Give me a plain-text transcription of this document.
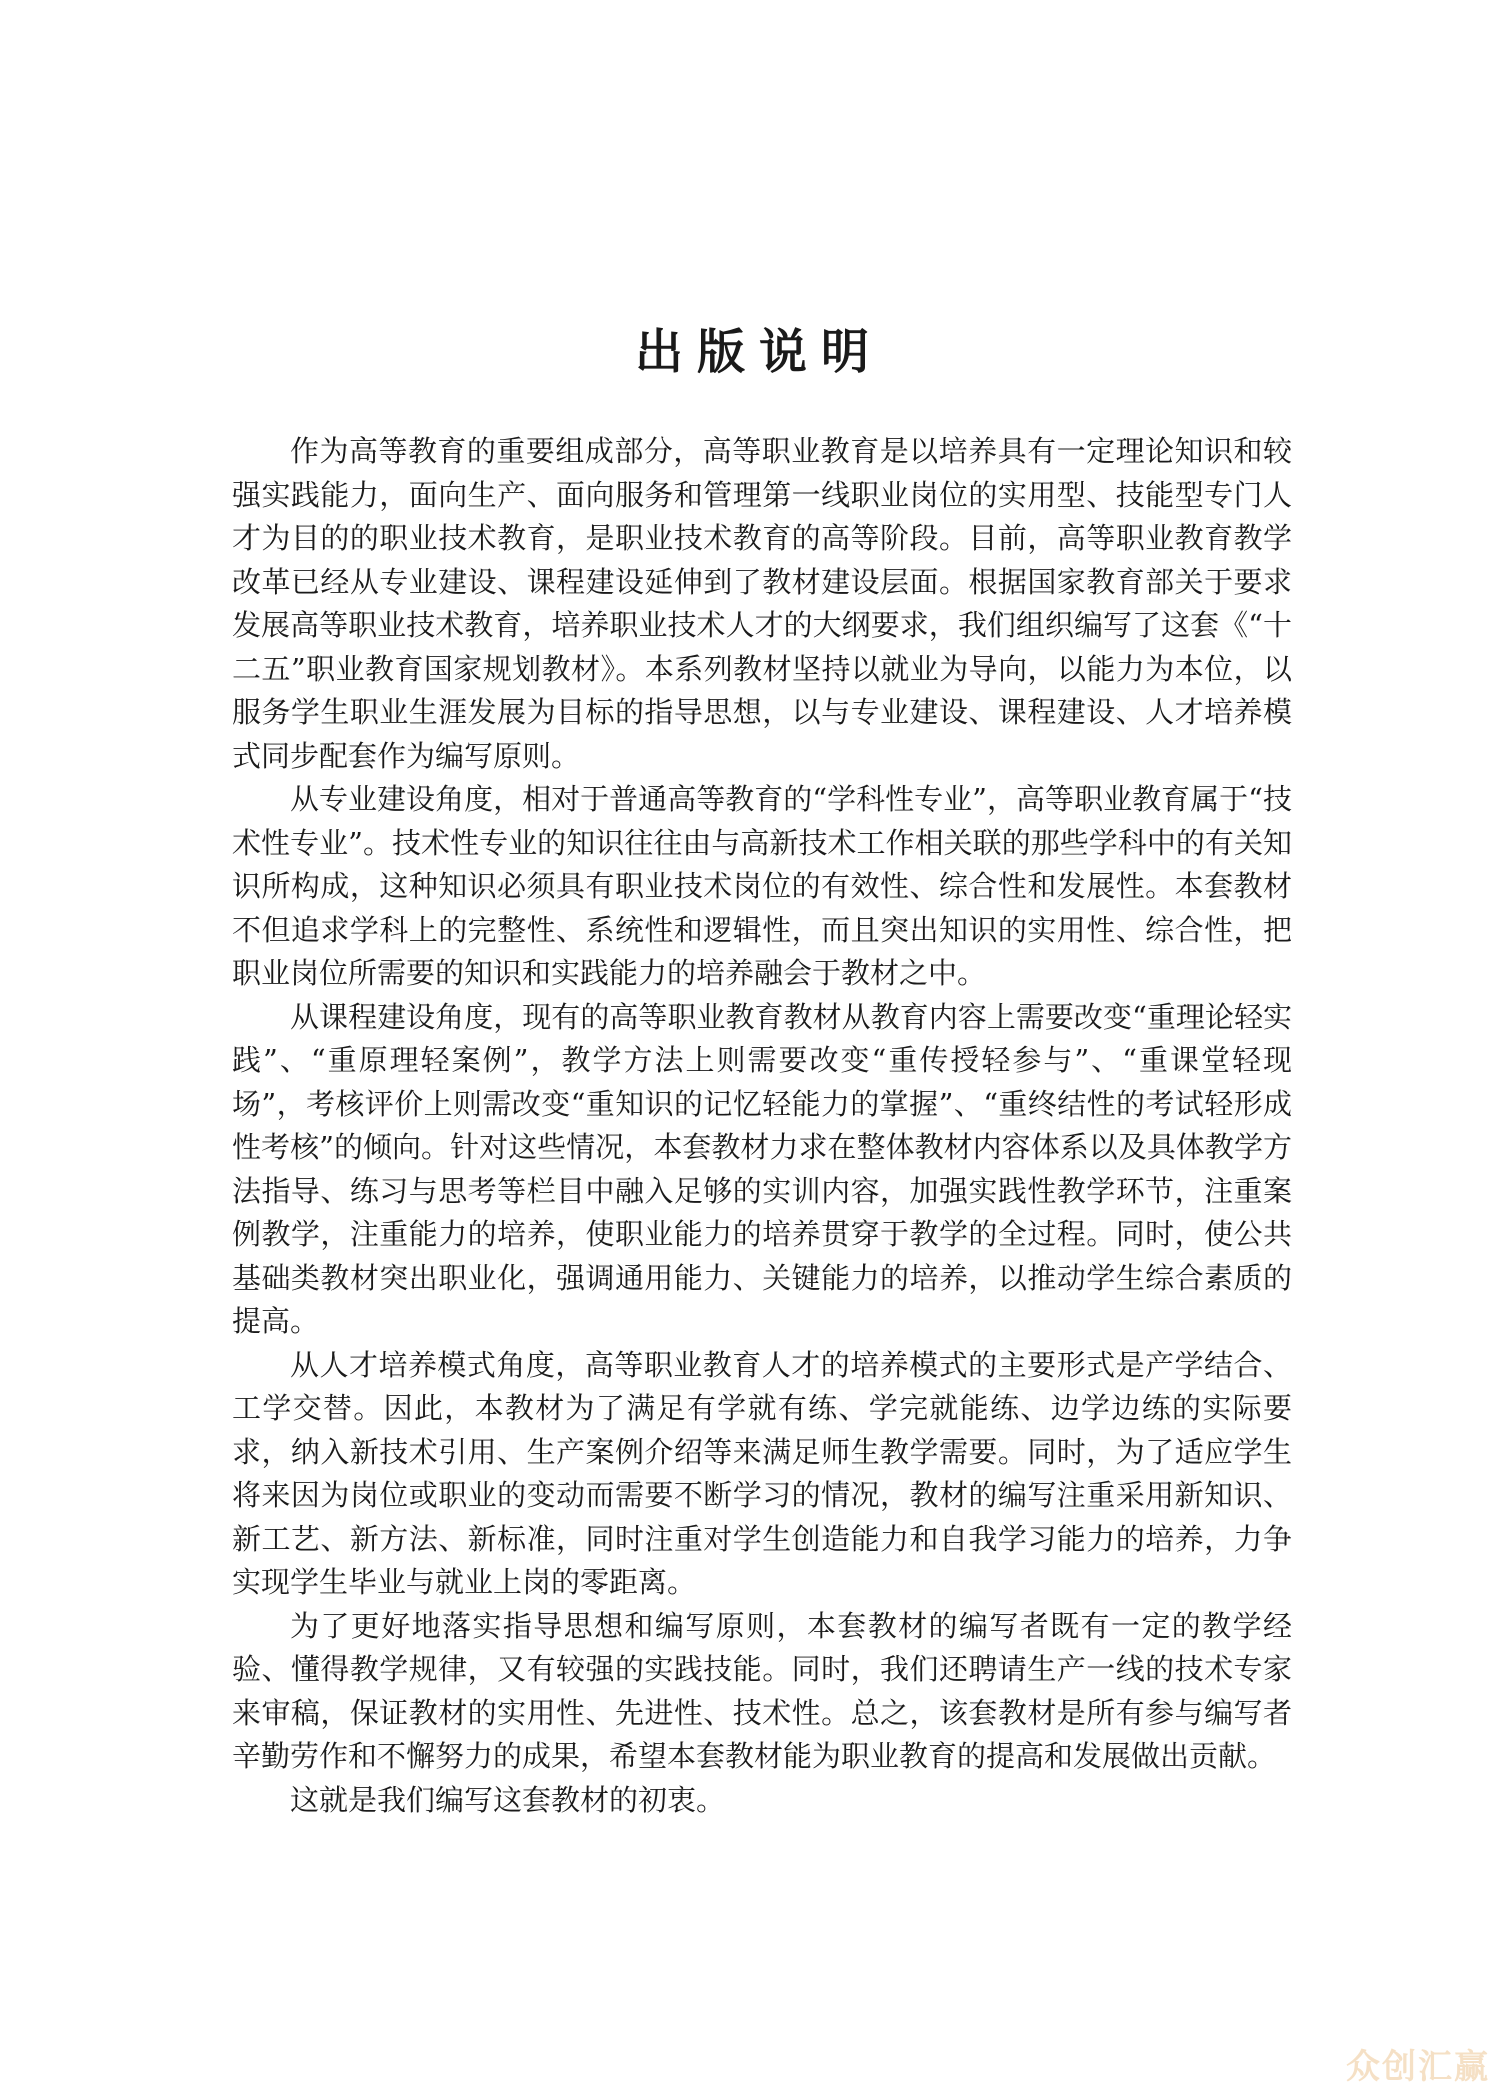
出版说明

作为高等教育的重要组成部分，高等职业教育是以培养具有一定理论知识和较强实践能力，面向生产、面向服务和管理第一线职业岗位的实用型、技能型专门人才为目的的职业技术教育，是职业技术教育的高等阶段。目前，高等职业教育教学改革已经从专业建设、课程建设延伸到了教材建设层面。根据国家教育部关于要求发展高等职业技术教育，培养职业技术人才的大纲要求，我们组织编写了这套《“十二五”职业教育国家规划教材》。本系列教材坚持以就业为导向，以能力为本位，以服务学生职业生涯发展为目标的指导思想，以与专业建设、课程建设、人才培养模式同步配套作为编写原则。

从专业建设角度，相对于普通高等教育的“学科性专业”，高等职业教育属于“技术性专业”。技术性专业的知识往往由与高新技术工作相关联的那些学科中的有关知识所构成，这种知识必须具有职业技术岗位的有效性、综合性和发展性。本套教材不但追求学科上的完整性、系统性和逻辑性，而且突出知识的实用性、综合性，把职业岗位所需要的知识和实践能力的培养融会于教材之中。

从课程建设角度，现有的高等职业教育教材从教育内容上需要改变“重理论轻实践”、“重原理轻案例”，教学方法上则需要改变“重传授轻参与”、“重课堂轻现场”，考核评价上则需改变“重知识的记忆轻能力的掌握”、“重终结性的考试轻形成性考核”的倾向。针对这些情况，本套教材力求在整体教材内容体系以及具体教学方法指导、练习与思考等栏目中融入足够的实训内容，加强实践性教学环节，注重案例教学，注重能力的培养，使职业能力的培养贯穿于教学的全过程。同时，使公共基础类教材突出职业化，强调通用能力、关键能力的培养，以推动学生综合素质的提高。

从人才培养模式角度，高等职业教育人才的培养模式的主要形式是产学结合、工学交替。因此，本教材为了满足有学就有练、学完就能练、边学边练的实际要求，纳入新技术引用、生产案例介绍等来满足师生教学需要。同时，为了适应学生将来因为岗位或职业的变动而需要不断学习的情况，教材的编写注重采用新知识、新工艺、新方法、新标准，同时注重对学生创造能力和自我学习能力的培养，力争实现学生毕业与就业上岗的零距离。

为了更好地落实指导思想和编写原则，本套教材的编写者既有一定的教学经验、懂得教学规律，又有较强的实践技能。同时，我们还聘请生产一线的技术专家来审稿，保证教材的实用性、先进性、技术性。总之，该套教材是所有参与编写者辛勤劳作和不懈努力的成果，希望本套教材能为职业教育的提高和发展做出贡献。

这就是我们编写这套教材的初衷。

众创汇赢
